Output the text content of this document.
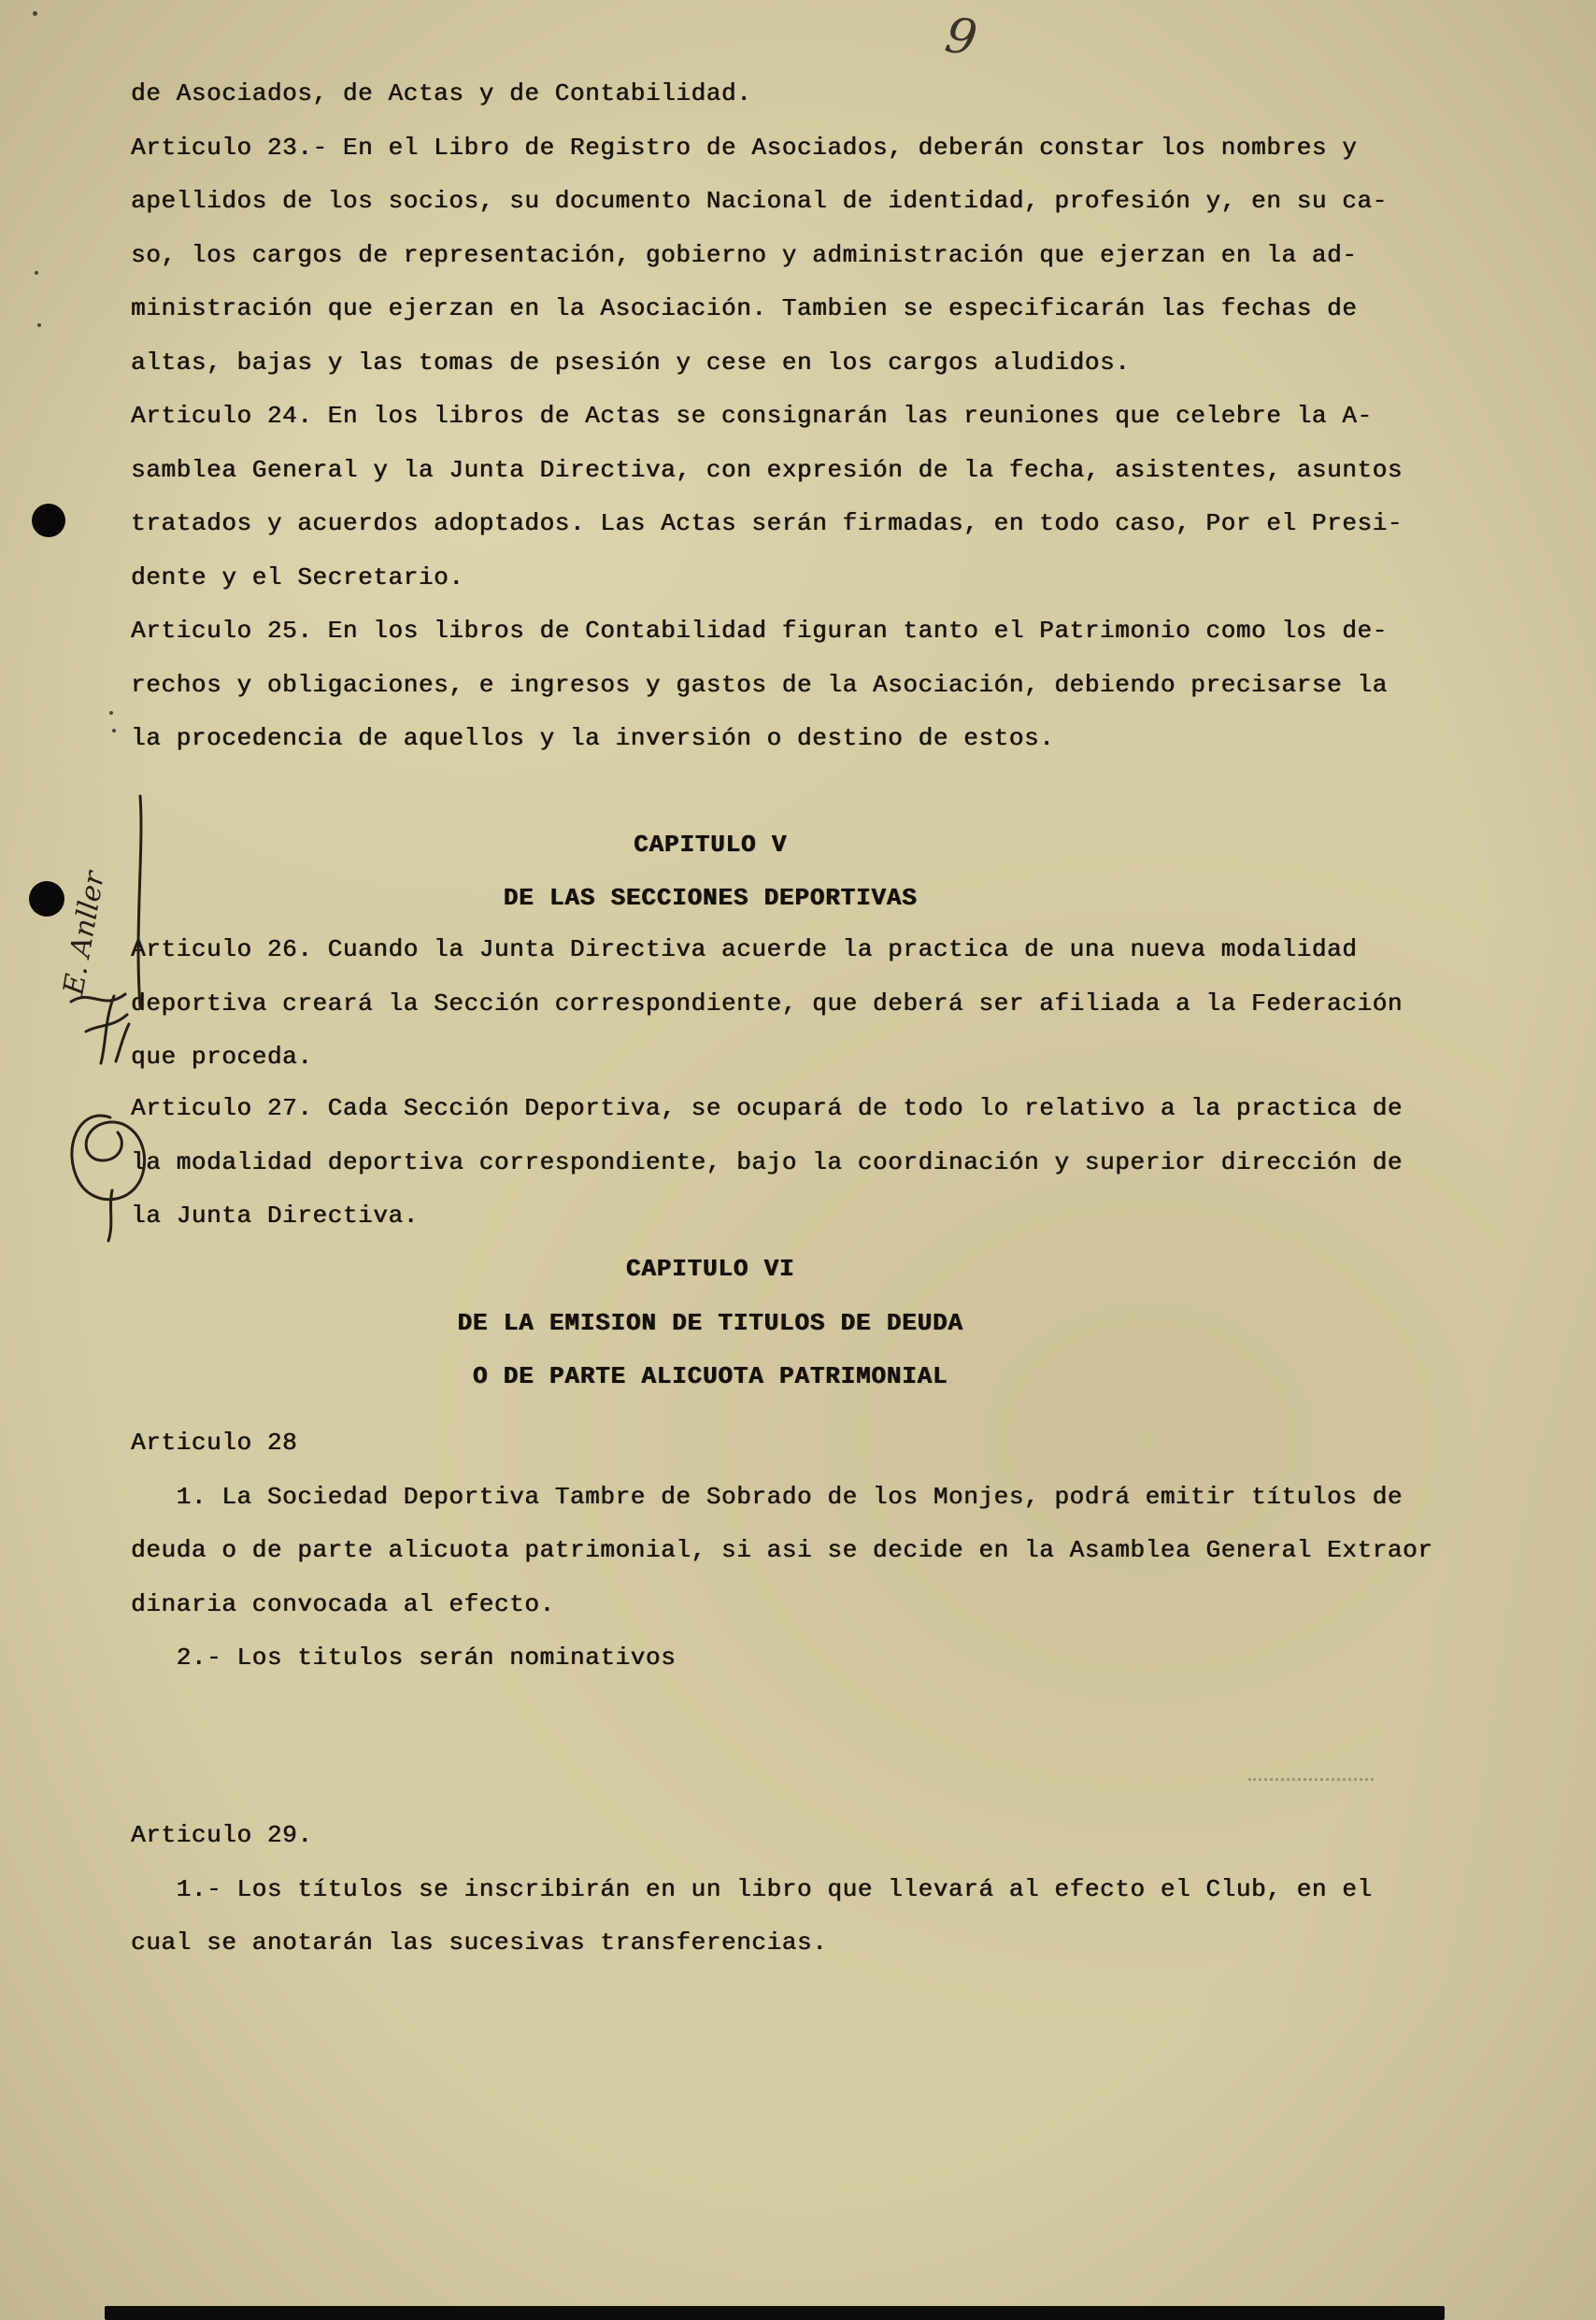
9
de Asociados, de Actas y de Contabilidad.
Articulo 23.- En el Libro de Registro de Asociados, deberán constar los nombres y
apellidos de los socios, su documento Nacional de identidad, profesión y, en su ca-
so, los cargos de representación, gobierno y administración que ejerzan en la ad-
ministración que ejerzan en la Asociación. Tambien se especificarán las fechas de
altas, bajas y las tomas de psesión y cese en los cargos aludidos.
Articulo 24. En los libros de Actas se consignarán las reuniones que celebre la A-
samblea General y la Junta Directiva, con expresión de la fecha, asistentes, asuntos
tratados y acuerdos adoptados. Las Actas serán firmadas, en todo caso, Por el Presi-
dente y el Secretario.
Articulo 25. En los libros de Contabilidad figuran tanto el Patrimonio como los de-
rechos y obligaciones, e ingresos y gastos de la Asociación, debiendo precisarse la
la procedencia de aquellos y la inversión o destino de estos.
CAPITULO V
DE LAS SECCIONES DEPORTIVAS
Articulo 26. Cuando la Junta Directiva acuerde la practica de una nueva modalidad
deportiva creará la Sección correspondiente, que deberá ser afiliada a la Federación
que proceda.
Articulo 27. Cada Sección Deportiva, se ocupará de todo lo relativo a la practica de
la modalidad deportiva correspondiente, bajo la coordinación y superior dirección de
la Junta Directiva.
CAPITULO VI
DE LA EMISION DE TITULOS DE DEUDA
O DE PARTE ALICUOTA PATRIMONIAL
Articulo 28
1. La Sociedad Deportiva Tambre de Sobrado de los Monjes, podrá emitir títulos de
deuda o de parte alicuota patrimonial, si asi se decide en la Asamblea General Extraor
dinaria convocada al efecto.
2.- Los titulos serán nominativos
Articulo 29.
1.- Los títulos se inscribirán en un libro que llevará al efecto el Club, en el
cual se anotarán las sucesivas transferencias.
E. Anller
